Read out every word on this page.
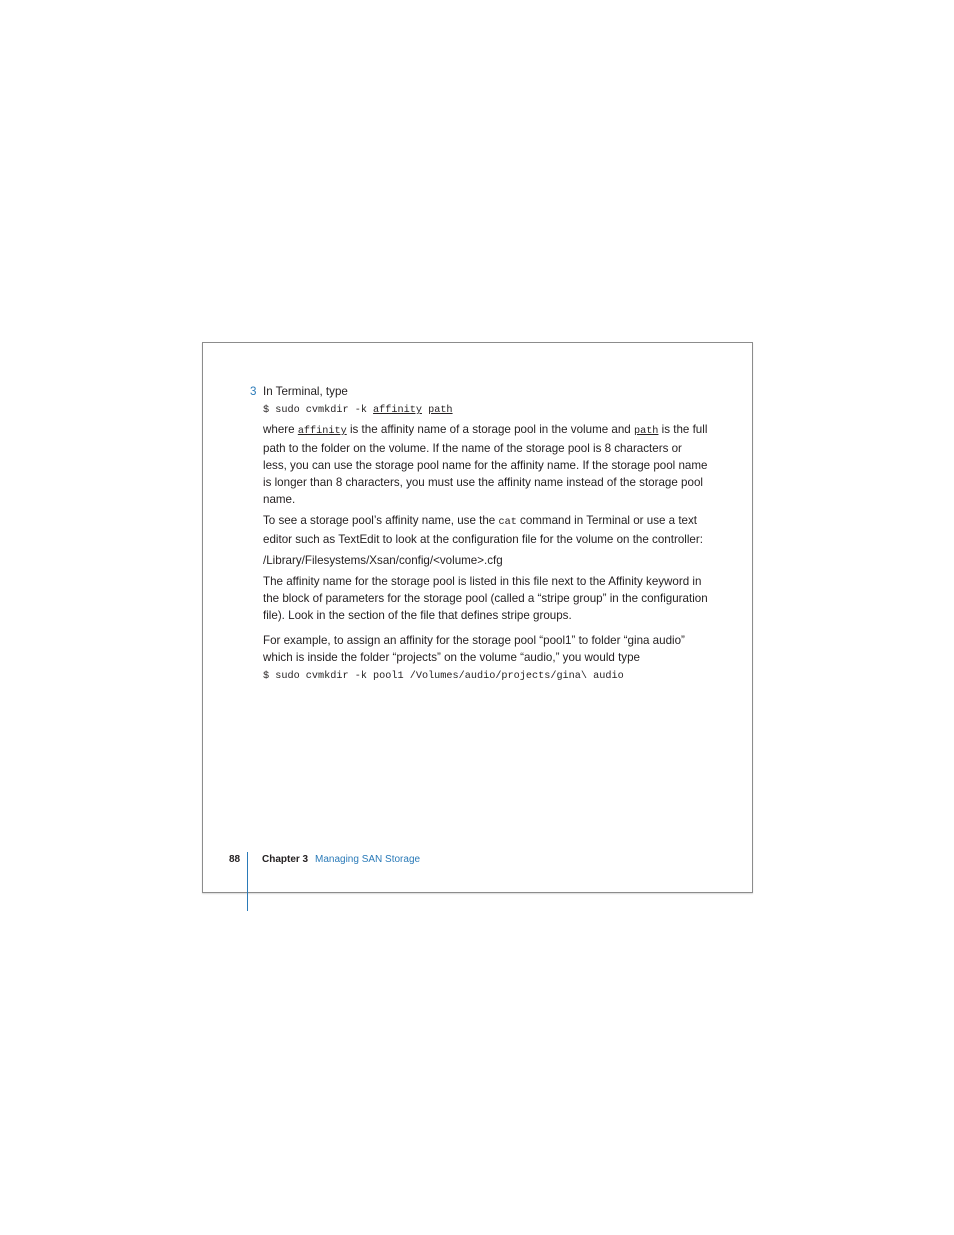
3 In Terminal, type

$ sudo cvmkdir -k affinity path

where affinity is the affinity name of a storage pool in the volume and path is the full path to the folder on the volume. If the name of the storage pool is 8 characters or less, you can use the storage pool name for the affinity name. If the storage pool name is longer than 8 characters, you must use the affinity name instead of the storage pool name.

To see a storage pool’s affinity name, use the cat command in Terminal or use a text editor such as TextEdit to look at the configuration file for the volume on the controller:

/Library/Filesystems/Xsan/config/<volume>.cfg

The affinity name for the storage pool is listed in this file next to the Affinity keyword in the block of parameters for the storage pool (called a “stripe group” in the configuration file). Look in the section of the file that defines stripe groups.

For example, to assign an affinity for the storage pool “pool1” to folder “gina audio” which is inside the folder “projects” on the volume “audio,” you would type

$ sudo cvmkdir -k pool1 /Volumes/audio/projects/gina\ audio
88 Chapter 3 Managing SAN Storage
